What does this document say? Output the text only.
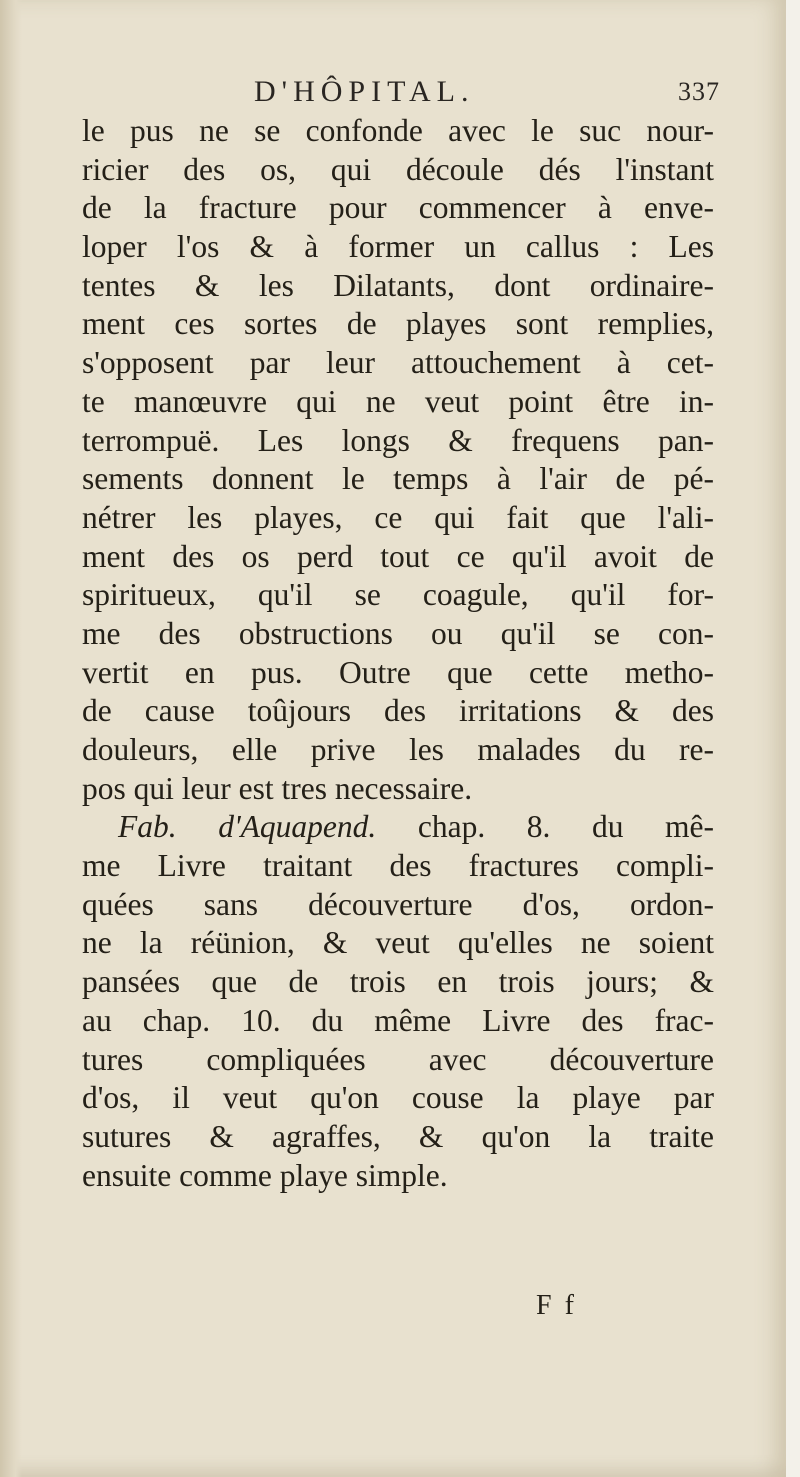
D'HÔPITAL.	337
le pus ne se confonde avec le suc nour-
ricier des os, qui découle dés l'instant
de la fracture pour commencer à enve-
loper l'os & à former un callus : Les
tentes & les Dilatants, dont ordinaire-
ment ces sortes de playes sont remplies,
s'opposent par leur attouchement à cet-
te manœuvre qui ne veut point être in-
terrompuë. Les longs & frequens pan-
sements donnent le temps à l'air de pé-
nétrer les playes, ce qui fait que l'ali-
ment des os perd tout ce qu'il avoit de
spiritueux, qu'il se coagule, qu'il for-
me des obstructions ou qu'il se con-
vertit en pus. Outre que cette metho-
de cause toûjours des irritations & des
douleurs, elle prive les malades du re-
pos qui leur est tres necessaire.
Fab. d'Aquapend. chap. 8. du mê-
me Livre traitant des fractures compli-
quées sans découverture d'os, ordon-
ne la réünion, & veut qu'elles ne soient
pansées que de trois en trois jours; &
au chap. 10. du même Livre des frac-
tures compliquées avec découverture
d'os, il veut qu'on couse la playe par
sutures & agraffes, & qu'on la traite
ensuite comme playe simple.
F f
